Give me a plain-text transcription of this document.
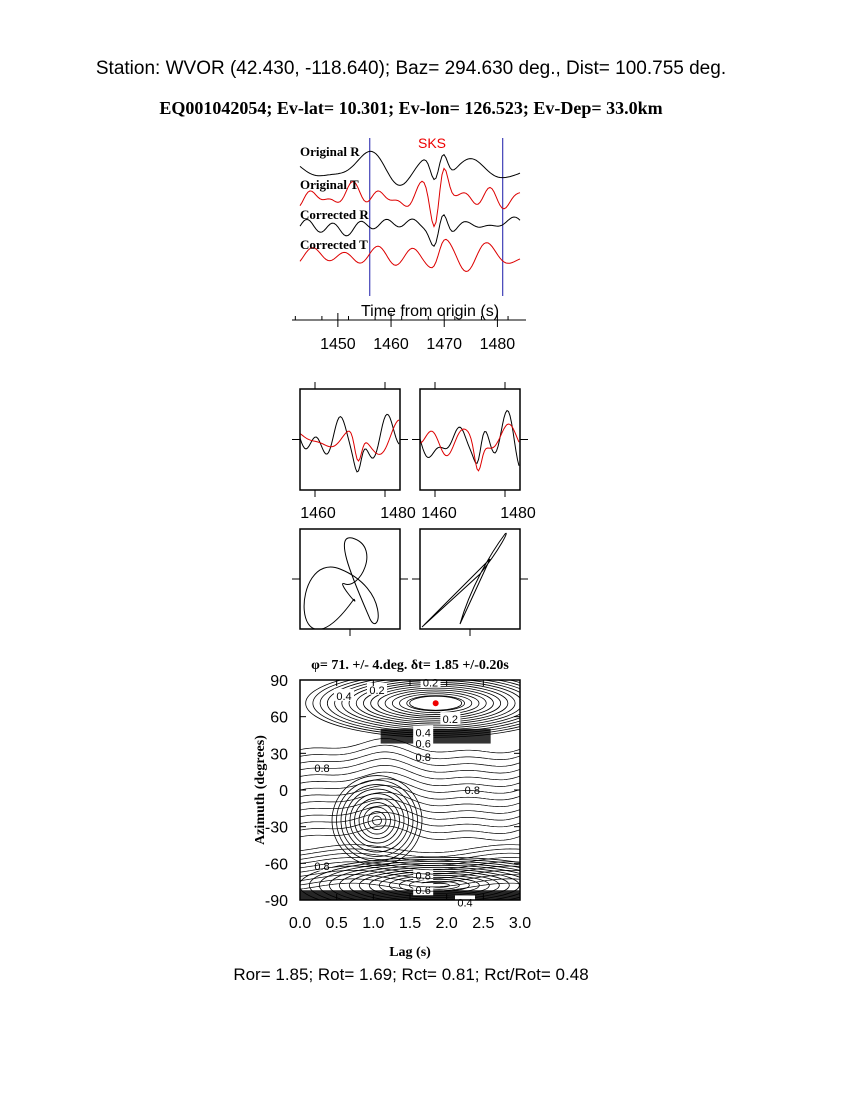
Station: WVOR (42.430, -118.640); Baz= 294.630 deg., Dist= 100.755 deg.
EQ001042054; Ev-lat= 10.301; Ev-lon= 126.523; Ev-Dep= 33.0km
SKS
Original R
Original T
Corrected R
Corrected T
1450 1460 1470 1480
Time from origin (s)
1460	1480 1460	1480
0.4
0.2
0.2
0.2
0.4
0.6
0.8
0.8
0.8
0.8
0.8
0.6
0.4
0.0 0.5 1.0 1.5 2.0 2.5 3.0
90
60
30
0
-30
-60
-90
φ= 71. +/- 4.deg. δt= 1.85 +/-0.20s
Lag (s)
Azimuth (degrees)
Ror= 1.85; Rot= 1.69; Rct= 0.81; Rct/Rot= 0.48
